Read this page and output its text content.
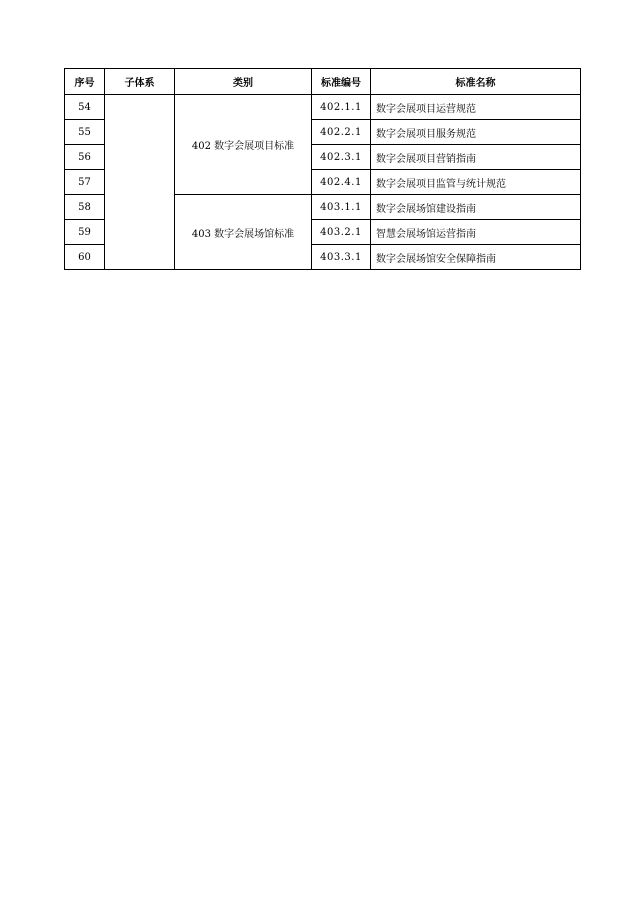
序号	子体系	类别	标准编号	标准名称
54		402 数字会展项目标准	402.1.1	数字会展项目运营规范
55			402.2.1	数字会展项目服务规范
56			402.3.1	数字会展项目营销指南
57			402.4.1	数字会展项目监管与统计规范
58		403 数字会展场馆标准	403.1.1	数字会展场馆建设指南
59			403.2.1	智慧会展场馆运营指南
60			403.3.1	数字会展场馆安全保障指南
